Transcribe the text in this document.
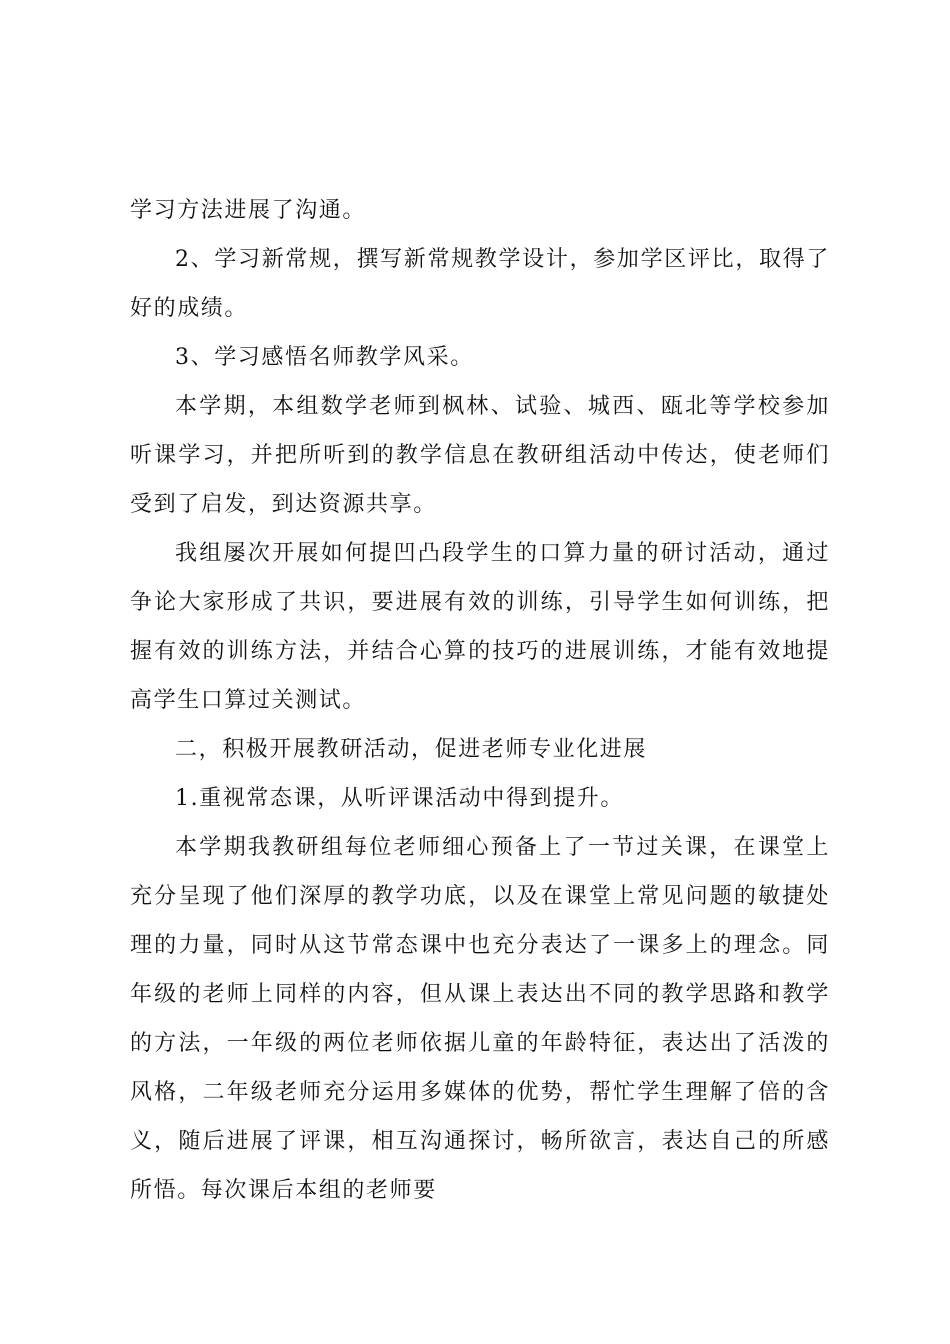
学习方法进展了沟通。

2、学习新常规，撰写新常规教学设计，参加学区评比，取得了好的成绩。

3、学习感悟名师教学风采。

本学期，本组数学老师到枫林、试验、城西、瓯北等学校参加听课学习，并把所听到的教学信息在教研组活动中传达，使老师们受到了启发，到达资源共享。

我组屡次开展如何提凹凸段学生的口算力量的研讨活动，通过争论大家形成了共识，要进展有效的训练，引导学生如何训练，把握有效的训练方法，并结合心算的技巧的进展训练，才能有效地提高学生口算过关测试。

二，积极开展教研活动，促进老师专业化进展

1.重视常态课，从听评课活动中得到提升。

本学期我教研组每位老师细心预备上了一节过关课，在课堂上充分呈现了他们深厚的教学功底，以及在课堂上常见问题的敏捷处理的力量，同时从这节常态课中也充分表达了一课多上的理念。同年级的老师上同样的内容，但从课上表达出不同的教学思路和教学的方法，一年级的两位老师依据儿童的年龄特征，表达出了活泼的风格，二年级老师充分运用多媒体的优势，帮忙学生理解了倍的含义，随后进展了评课，相互沟通探讨，畅所欲言，表达自己的所感所悟。每次课后本组的老师要
